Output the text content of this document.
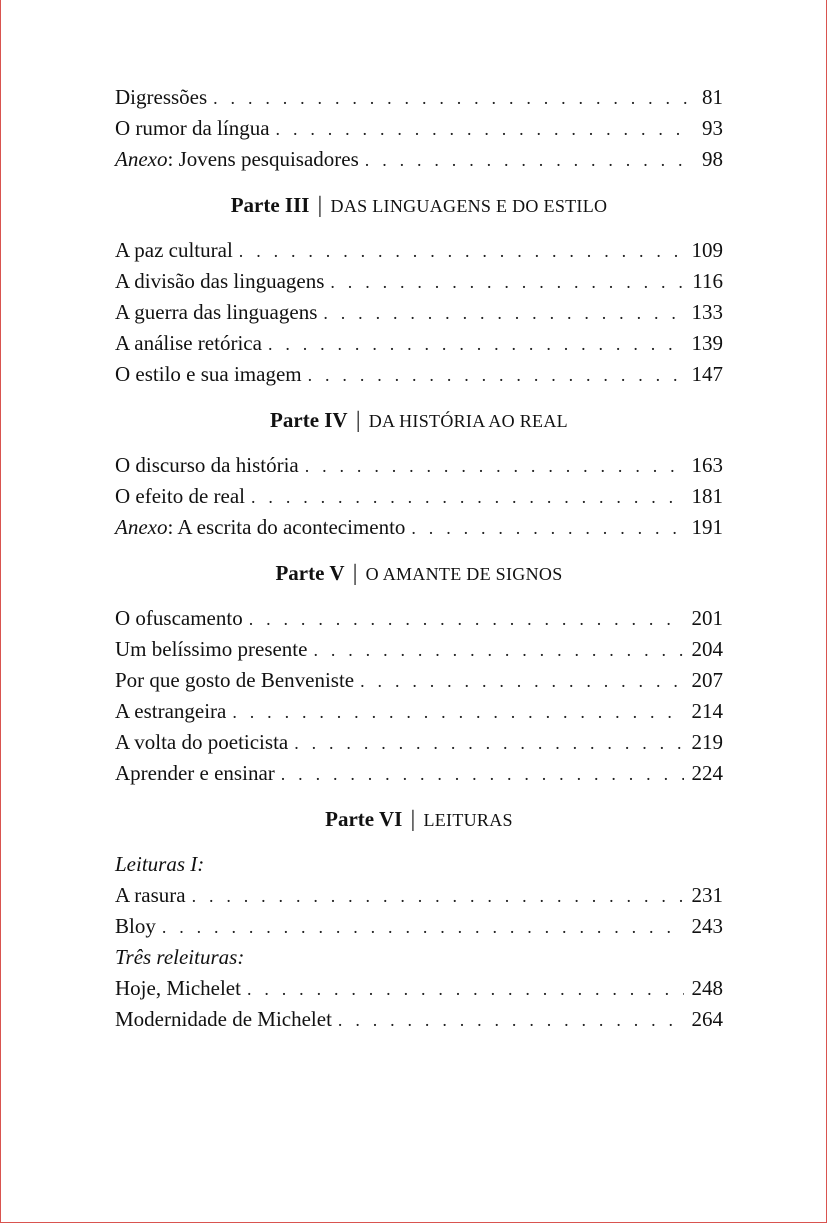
Digressões . . .	81
O rumor da língua . . .	93
Anexo: Jovens pesquisadores . . .	98
Parte III | DAS LINGUAGENS E DO ESTILO
A paz cultural . . .	109
A divisão das linguagens . . .	116
A guerra das linguagens . . .	133
A análise retórica . . .	139
O estilo e sua imagem . . .	147
Parte IV | DA HISTÓRIA AO REAL
O discurso da história . . .	163
O efeito de real . . .	181
Anexo: A escrita do acontecimento . . .	191
Parte V | O AMANTE DE SIGNOS
O ofuscamento . . .	201
Um belíssimo presente . . .	204
Por que gosto de Benveniste . . .	207
A estrangeira . . .	214
A volta do poeticista . . .	219
Aprender e ensinar . . .	224
Parte VI | LEITURAS
Leituras I:
A rasura . . .	231
Bloy . . .	243
Três releituras:
Hoje, Michelet . . .	248
Modernidade de Michelet . . .	264
